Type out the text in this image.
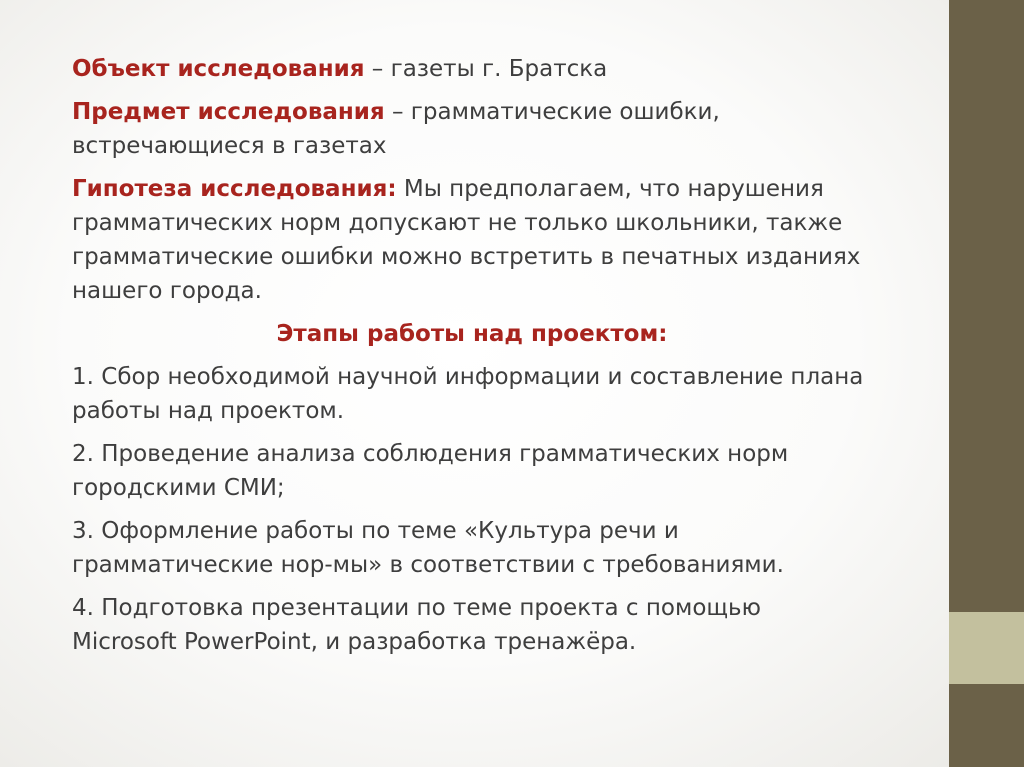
Объект исследования – газеты г. Братска

Предмет исследования – грамматические ошибки, встречающиеся в газетах

Гипотеза исследования: Мы предполагаем, что нарушения грамматических норм допускают не только школьники, также грамматические ошибки можно встретить в печатных изданиях нашего города.

Этапы работы над проектом:

1. Сбор необходимой научной информации и составление плана работы над проектом.

2. Проведение анализа соблюдения грамматических норм городскими СМИ;

3. Оформление работы по теме «Культура речи и грамматические нор-мы» в соответствии с требованиями.

4. Подготовка презентации по теме проекта с помощью Microsoft PowerPoint, и разработка тренажёра.
